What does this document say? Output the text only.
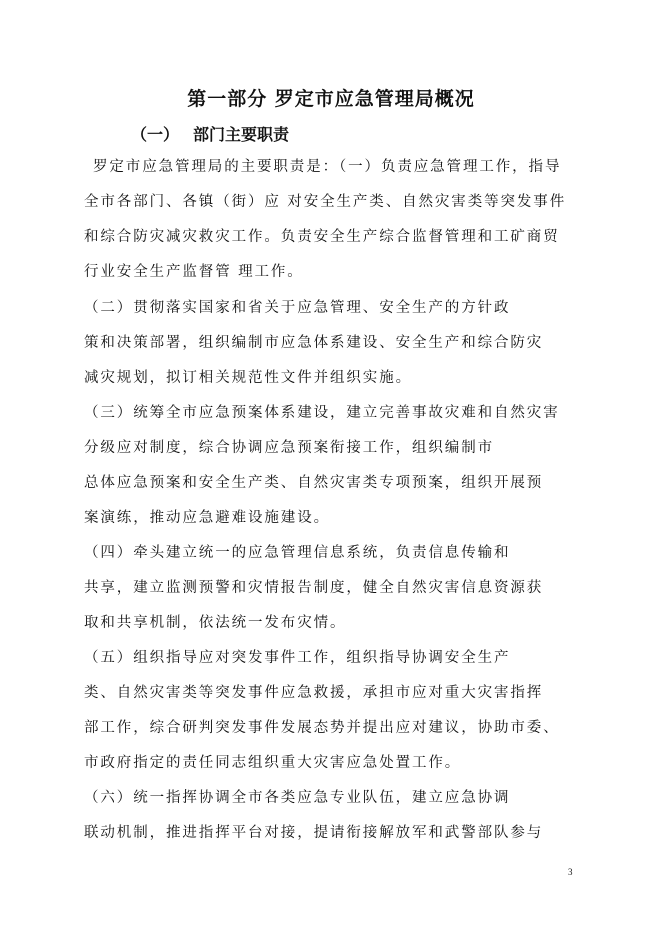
第一部分 罗定市应急管理局概况
（一） 部门主要职责
罗定市应急管理局的主要职责是：（一）负责应急管理工作，指导
全市各部门、各镇（街）应 对安全生产类、自然灾害类等突发事件
和综合防灾减灾救灾工作。负责安全生产综合监督管理和工矿商贸
行业安全生产监督管 理工作。
（二）贯彻落实国家和省关于应急管理、安全生产的方针政
策和决策部署，组织编制市应急体系建设、安全生产和综合防灾
减灾规划，拟订相关规范性文件并组织实施。
（三）统筹全市应急预案体系建设，建立完善事故灾难和自然灾害
分级应对制度，综合协调应急预案衔接工作，组织编制市
总体应急预案和安全生产类、自然灾害类专项预案，组织开展预
案演练，推动应急避难设施建设。
（四）牵头建立统一的应急管理信息系统，负责信息传输和
共享，建立监测预警和灾情报告制度，健全自然灾害信息资源获
取和共享机制，依法统一发布灾情。
（五）组织指导应对突发事件工作，组织指导协调安全生产
类、自然灾害类等突发事件应急救援，承担市应对重大灾害指挥
部工作，综合研判突发事件发展态势并提出应对建议，协助市委、
市政府指定的责任同志组织重大灾害应急处置工作。
（六）统一指挥协调全市各类应急专业队伍，建立应急协调
联动机制，推进指挥平台对接，提请衔接解放军和武警部队参与
3
